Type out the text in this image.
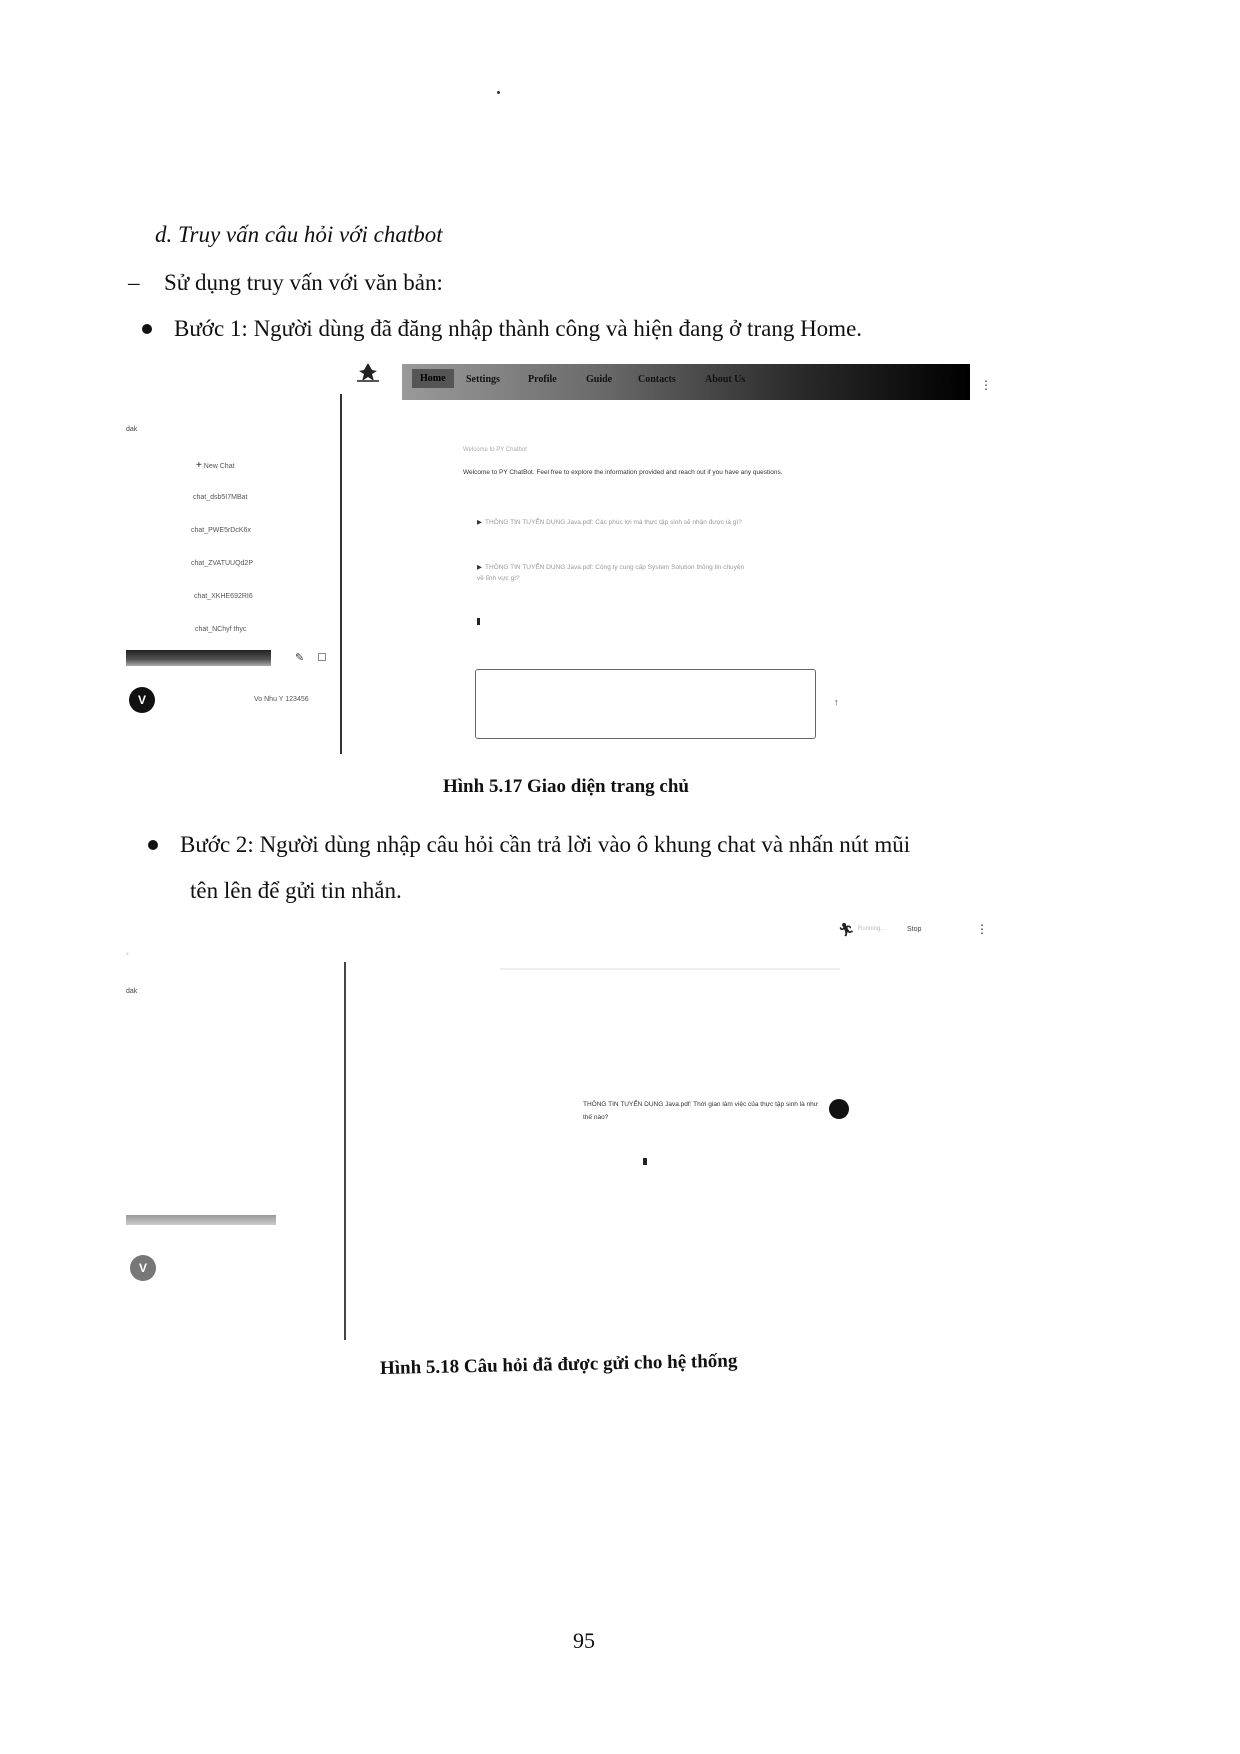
d. Truy vấn câu hỏi với chatbot
– Sử dụng truy vấn với văn bản:
Bước 1: Người dùng đã đăng nhập thành công và hiện đang ở trang Home.
Home	Settings	Profile	Guide	Contacts	About Us	⋮
dak
+ New Chat
chat_dsb5I7MBat
chat_PWE5rDcK6x
chat_ZVATUUQd2P
chat_XKHE692RI6
chat_NChyf thyc
✎
V	Vo Nhu Y 123456
Welcome to PY Chatbot
Welcome to PY ChatBot. Feel free to explore the information provided and reach out if you have any questions.
▶ THÔNG TIN TUYỂN DỤNG Java.pdf: Các phúc lợi mà thực tập sinh sẽ nhận được là gì?
▶ THÔNG TIN TUYỂN DỤNG Java.pdf: Công ty cung cấp System Solution thông tin chuyên về lĩnh vực gì?
↑
Hình 5.17 Giao diện trang chủ
Bước 2: Người dùng nhập câu hỏi cần trả lời vào ô khung chat và nhấn nút mũi
tên lên để gửi tin nhắn.
🏃︎ Running...	Stop	⋮
+
dak
THÔNG TIN TUYỂN DỤNG Java.pdf: Thời gian làm việc của thực tập sinh là như thế nào?
V
Hình 5.18 Câu hỏi đã được gửi cho hệ thống
95
